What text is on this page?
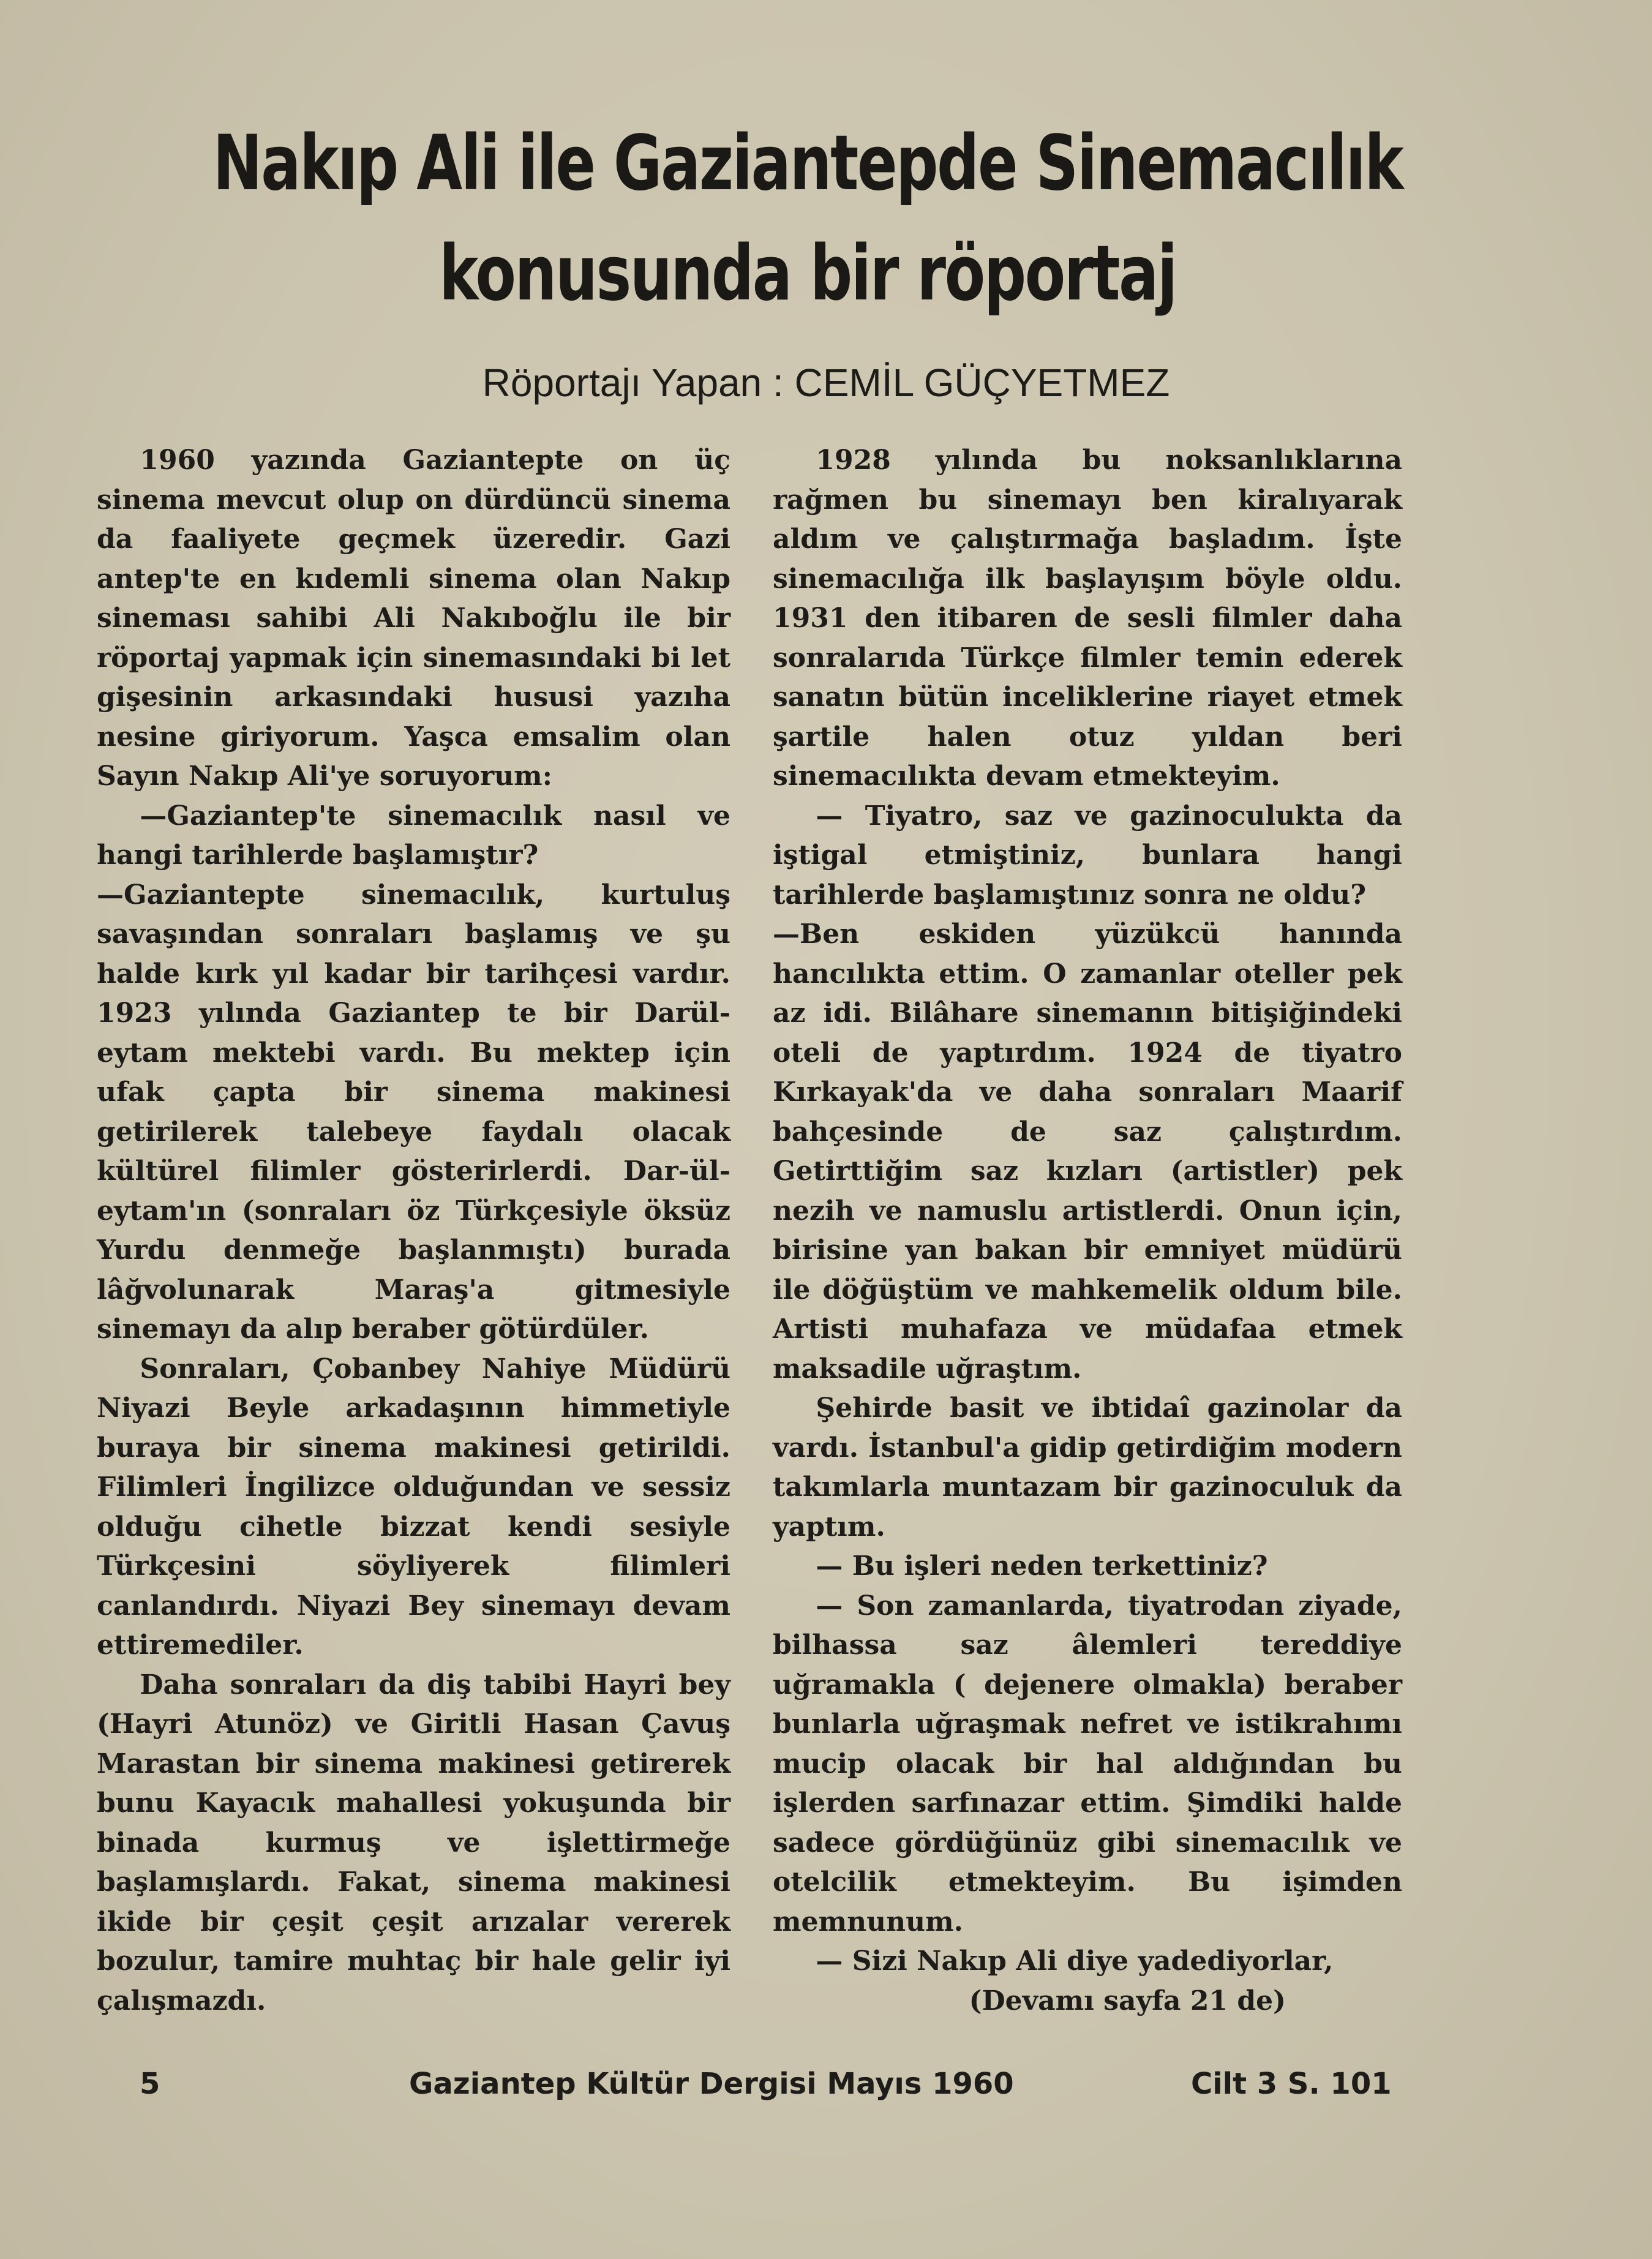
Nakıp Ali ile Gaziantepde Sinemacılık
konusunda bir röportaj
Röportajı Yapan : CEMİL GÜÇYETMEZ

1960 yazında Gaziantepte on üç sinema mevcut olup on dürdüncü sinema da faaliyete geçmek üzeredir. Gazi antep'te en kıdemli sinema olan Nakıp sineması sahibi Ali Nakıboğlu ile bir röportaj yapmak için sinemasındaki bi let gişesinin arkasındaki hususi yazıha nesine giriyorum. Yaşca emsalim olan Sayın Nakıp Ali'ye soruyorum:

—Gaziantep'te sinemacılık nasıl ve hangi tarihlerde başlamıştır?

—Gaziantepte sinemacılık, kurtuluş savaşından sonraları başlamış ve şu halde kırk yıl kadar bir tarihçesi vardır. 1923 yılında Gaziantep te bir Darül-eytam mektebi vardı. Bu mektep için ufak çapta bir sinema makinesi getirilerek talebeye faydalı olacak kültürel filimler gösterirlerdi. Dar-ül-eytam'ın (sonraları öz Türkçesiyle öksüz Yurdu denmeğe başlanmıştı) burada lâğvolunarak Maraş'a gitmesiyle sinemayı da alıp beraber götürdüler.

Sonraları, Çobanbey Nahiye Müdürü Niyazi Beyle arkadaşının himmetiyle buraya bir sinema makinesi getirildi. Filimleri İngilizce olduğundan ve sessiz olduğu cihetle bizzat kendi sesiyle Türkçesini söyliyerek filimleri canlandırdı. Niyazi Bey sinemayı devam ettiremediler.

Daha sonraları da diş tabibi Hayri bey (Hayri Atunöz) ve Giritli Hasan Çavuş Marastan bir sinema makinesi getirerek bunu Kayacık mahallesi yokuşunda bir binada kurmuş ve işlettirmeğe başlamışlardı. Fakat, sinema makinesi ikide bir çeşit çeşit arızalar vererek bozulur, tamire muhtaç bir hale gelir iyi çalışmazdı.

1928 yılında bu noksanlıklarına rağmen bu sinemayı ben kiralıyarak aldım ve çalıştırmağa başladım. İşte sinemacılığa ilk başlayışım böyle oldu. 1931 den itibaren de sesli filmler daha sonralarıda Türkçe filmler temin ederek sanatın bütün inceliklerine riayet etmek şartile halen otuz yıldan beri sinemacılıkta devam etmekteyim.

— Tiyatro, saz ve gazinoculukta da iştigal etmiştiniz, bunlara hangi tarihlerde başlamıştınız sonra ne oldu?

—Ben eskiden yüzükcü hanında hancılıkta ettim. O zamanlar oteller pek az idi. Bilâhare sinemanın bitişiğindeki oteli de yaptırdım. 1924 de tiyatro Kırkayak'da ve daha sonraları Maarif bahçesinde de saz çalıştırdım. Getirttiğim saz kızları (artistler) pek nezih ve namuslu artistlerdi. Onun için, birisine yan bakan bir emniyet müdürü ile döğüştüm ve mahkemelik oldum bile. Artisti muhafaza ve müdafaa etmek maksadile uğraştım.

Şehirde basit ve ibtidaî gazinolar da vardı. İstanbul'a gidip getirdiğim modern takımlarla muntazam bir gazinoculuk da yaptım.

— Bu işleri neden terkettiniz?

— Son zamanlarda, tiyatrodan ziyade, bilhassa saz âlemleri tereddiye uğramakla ( dejenere olmakla) beraber bunlarla uğraşmak nefret ve istikrahımı mucip olacak bir hal aldığından bu işlerden sarfınazar ettim. Şimdiki halde sadece gördüğünüz gibi sinemacılık ve otelcilik etmekteyim. Bu işimden memnunum.

— Sizi Nakıp Ali diye yadediyorlar,

(Devamı sayfa 21 de)

5	Gaziantep Kültür Dergisi Mayıs 1960	Cilt 3 S. 101
